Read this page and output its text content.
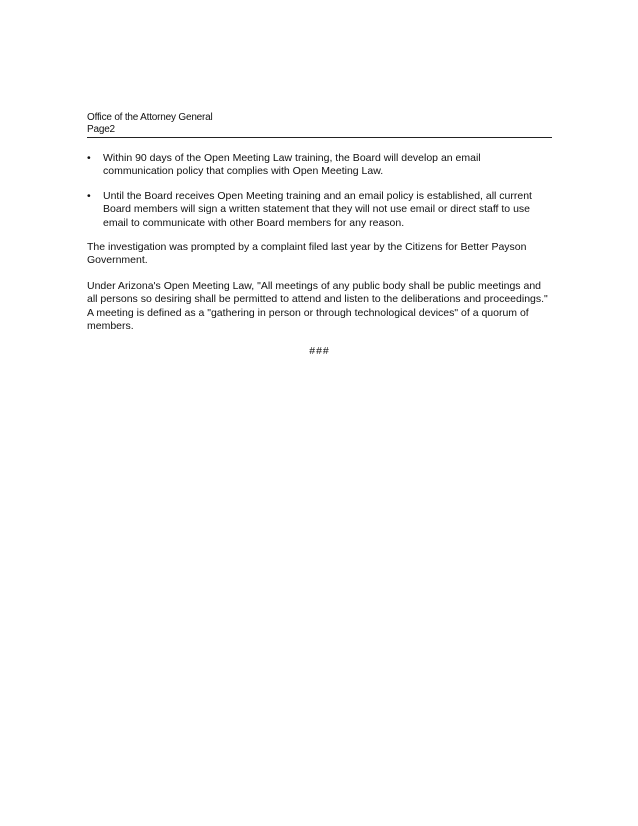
Office of the Attorney General
Page2
• Within 90 days of the Open Meeting Law training, the Board will develop an email communication policy that complies with Open Meeting Law.
• Until the Board receives Open Meeting training and an email policy is established, all current Board members will sign a written statement that they will not use email or direct staff to use email to communicate with other Board members for any reason.

The investigation was prompted by a complaint filed last year by the Citizens for Better Payson Government.

Under Arizona's Open Meeting Law, "All meetings of any public body shall be public meetings and all persons so desiring shall be permitted to attend and listen to the deliberations and proceedings." A meeting is defined as a "gathering in person or through technological devices" of a quorum of members.

###
